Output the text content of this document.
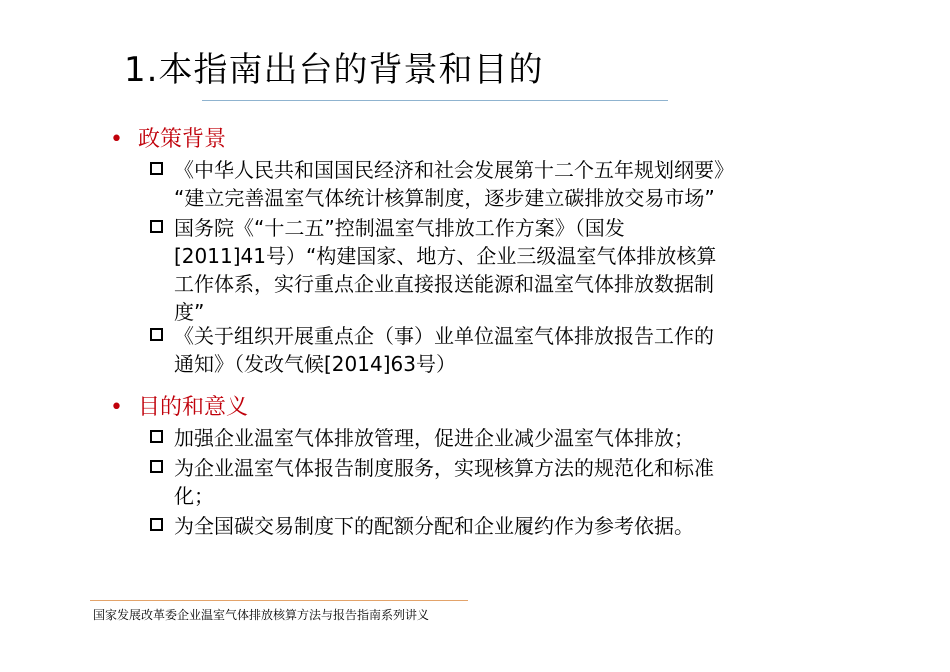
1.本指南出台的背景和目的
• 政策背景
《中华人民共和国国民经济和社会发展第十二个五年规划纲要》
“建立完善温室气体统计核算制度，逐步建立碳排放交易市场”
国务院《“十二五”控制温室气排放工作方案》（国发
[2011]41号）“构建国家、地方、企业三级温室气体排放核算
工作体系，实行重点企业直接报送能源和温室气体排放数据制
度”
《关于组织开展重点企（事）业单位温室气体排放报告工作的
通知》（发改气候[2014]63号）
• 目的和意义
加强企业温室气体排放管理，促进企业减少温室气体排放；
为企业温室气体报告制度服务，实现核算方法的规范化和标准
化；
为全国碳交易制度下的配额分配和企业履约作为参考依据。
国家发展改革委企业温室气体排放核算方法与报告指南系列讲义
